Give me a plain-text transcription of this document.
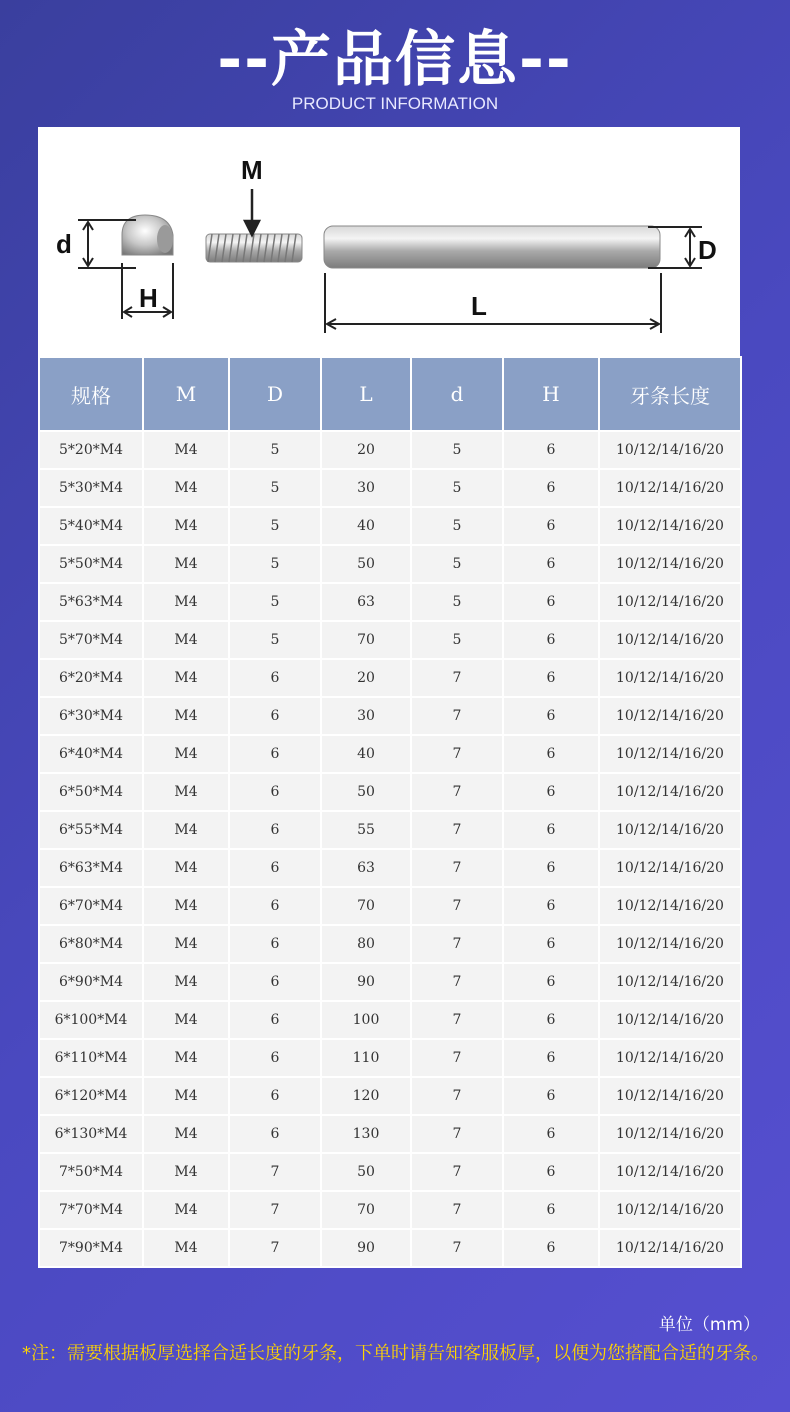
--产品信息--
PRODUCT INFORMATION
d
H
M
D
L
规格	M	D	L	d	H	牙条长度
5*20*M4	M4	5	20	5	6	10/12/14/16/20
5*30*M4	M4	5	30	5	6	10/12/14/16/20
5*40*M4	M4	5	40	5	6	10/12/14/16/20
5*50*M4	M4	5	50	5	6	10/12/14/16/20
5*63*M4	M4	5	63	5	6	10/12/14/16/20
5*70*M4	M4	5	70	5	6	10/12/14/16/20
6*20*M4	M4	6	20	7	6	10/12/14/16/20
6*30*M4	M4	6	30	7	6	10/12/14/16/20
6*40*M4	M4	6	40	7	6	10/12/14/16/20
6*50*M4	M4	6	50	7	6	10/12/14/16/20
6*55*M4	M4	6	55	7	6	10/12/14/16/20
6*63*M4	M4	6	63	7	6	10/12/14/16/20
6*70*M4	M4	6	70	7	6	10/12/14/16/20
6*80*M4	M4	6	80	7	6	10/12/14/16/20
6*90*M4	M4	6	90	7	6	10/12/14/16/20
6*100*M4	M4	6	100	7	6	10/12/14/16/20
6*110*M4	M4	6	110	7	6	10/12/14/16/20
6*120*M4	M4	6	120	7	6	10/12/14/16/20
6*130*M4	M4	6	130	7	6	10/12/14/16/20
7*50*M4	M4	7	50	7	6	10/12/14/16/20
7*70*M4	M4	7	70	7	6	10/12/14/16/20
7*90*M4	M4	7	90	7	6	10/12/14/16/20
单位（mm）
*注：需要根据板厚选择合适长度的牙条，下单时请告知客服板厚，以便为您搭配合适的牙条。
